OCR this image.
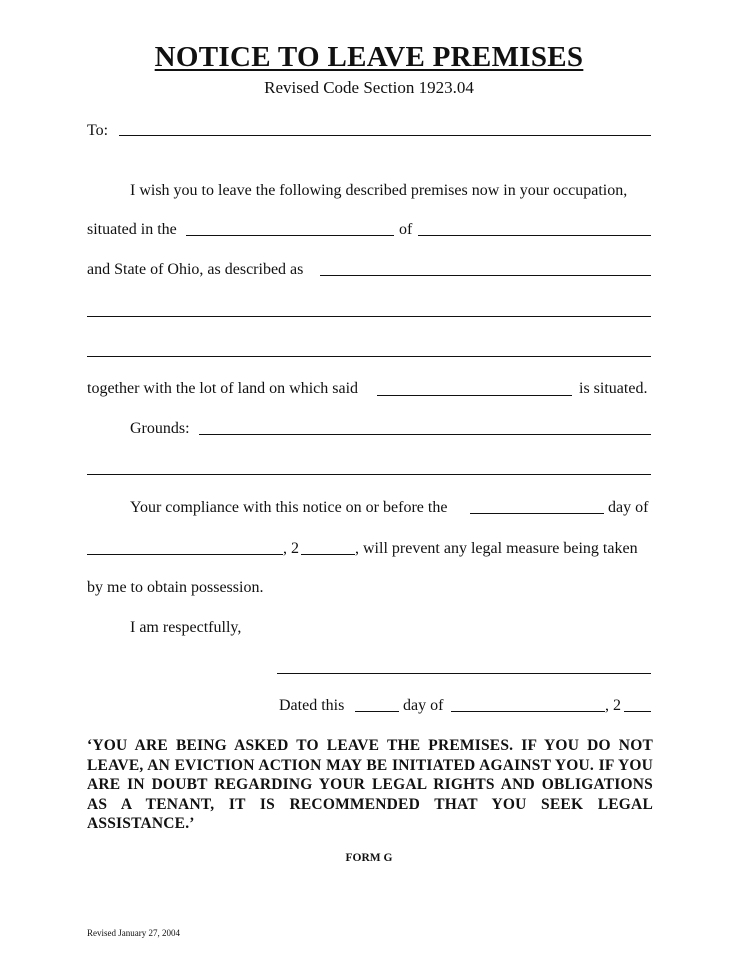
NOTICE TO LEAVE PREMISES
Revised Code Section 1923.04
To:
I wish you to leave the following described premises now in your occupation,
situated in the	of
and State of Ohio, as described as
together with the lot of land on which said	is situated.
Grounds:
Your compliance with this notice on or before the	day of
, 2	, will prevent any legal measure being taken
by me to obtain possession.
I am respectfully,
Dated this	day of	, 2
‘YOU ARE BEING ASKED TO LEAVE THE PREMISES. IF YOU DO NOT LEAVE, AN EVICTION ACTION MAY BE INITIATED AGAINST YOU. IF YOU ARE IN DOUBT REGARDING YOUR LEGAL RIGHTS AND OBLIGATIONS AS A TENANT, IT IS RECOMMENDED THAT YOU SEEK LEGAL ASSISTANCE.’
FORM G
Revised January 27, 2004
